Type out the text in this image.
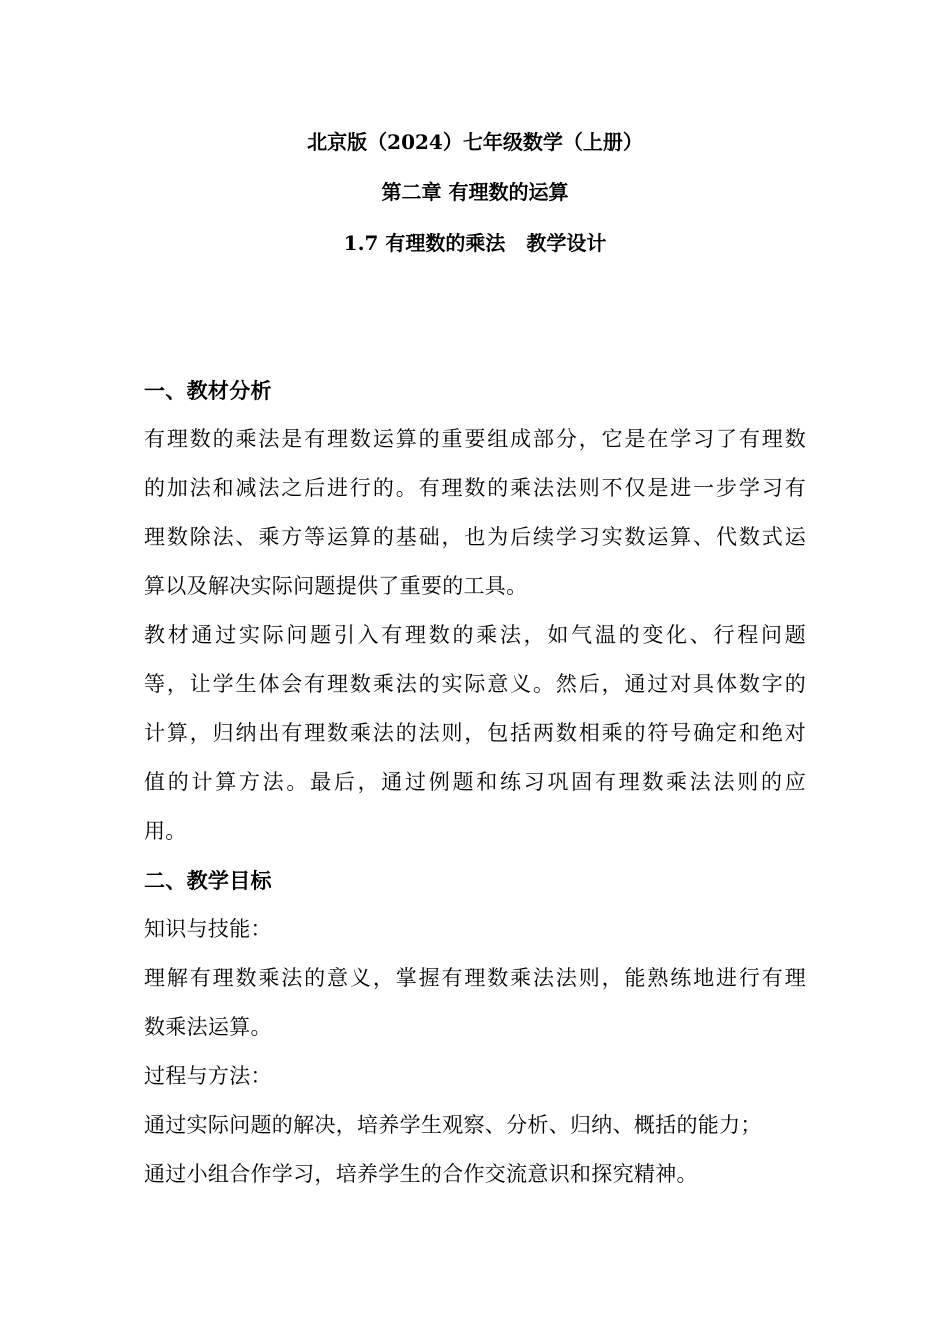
北京版（2024）七年级数学（上册）
第二章 有理数的运算
1.7 有理数的乘法   教学设计
一、教材分析
有理数的乘法是有理数运算的重要组成部分，它是在学习了有理数
的加法和减法之后进行的。有理数的乘法法则不仅是进一步学习有
理数除法、乘方等运算的基础，也为后续学习实数运算、代数式运
算以及解决实际问题提供了重要的工具。
教材通过实际问题引入有理数的乘法，如气温的变化、行程问题
等，让学生体会有理数乘法的实际意义。然后，通过对具体数字的
计算，归纳出有理数乘法的法则，包括两数相乘的符号确定和绝对
值的计算方法。最后，通过例题和练习巩固有理数乘法法则的应
用。
二、教学目标
知识与技能：
理解有理数乘法的意义，掌握有理数乘法法则，能熟练地进行有理
数乘法运算。
过程与方法：
通过实际问题的解决，培养学生观察、分析、归纳、概括的能力；
通过小组合作学习，培养学生的合作交流意识和探究精神。
